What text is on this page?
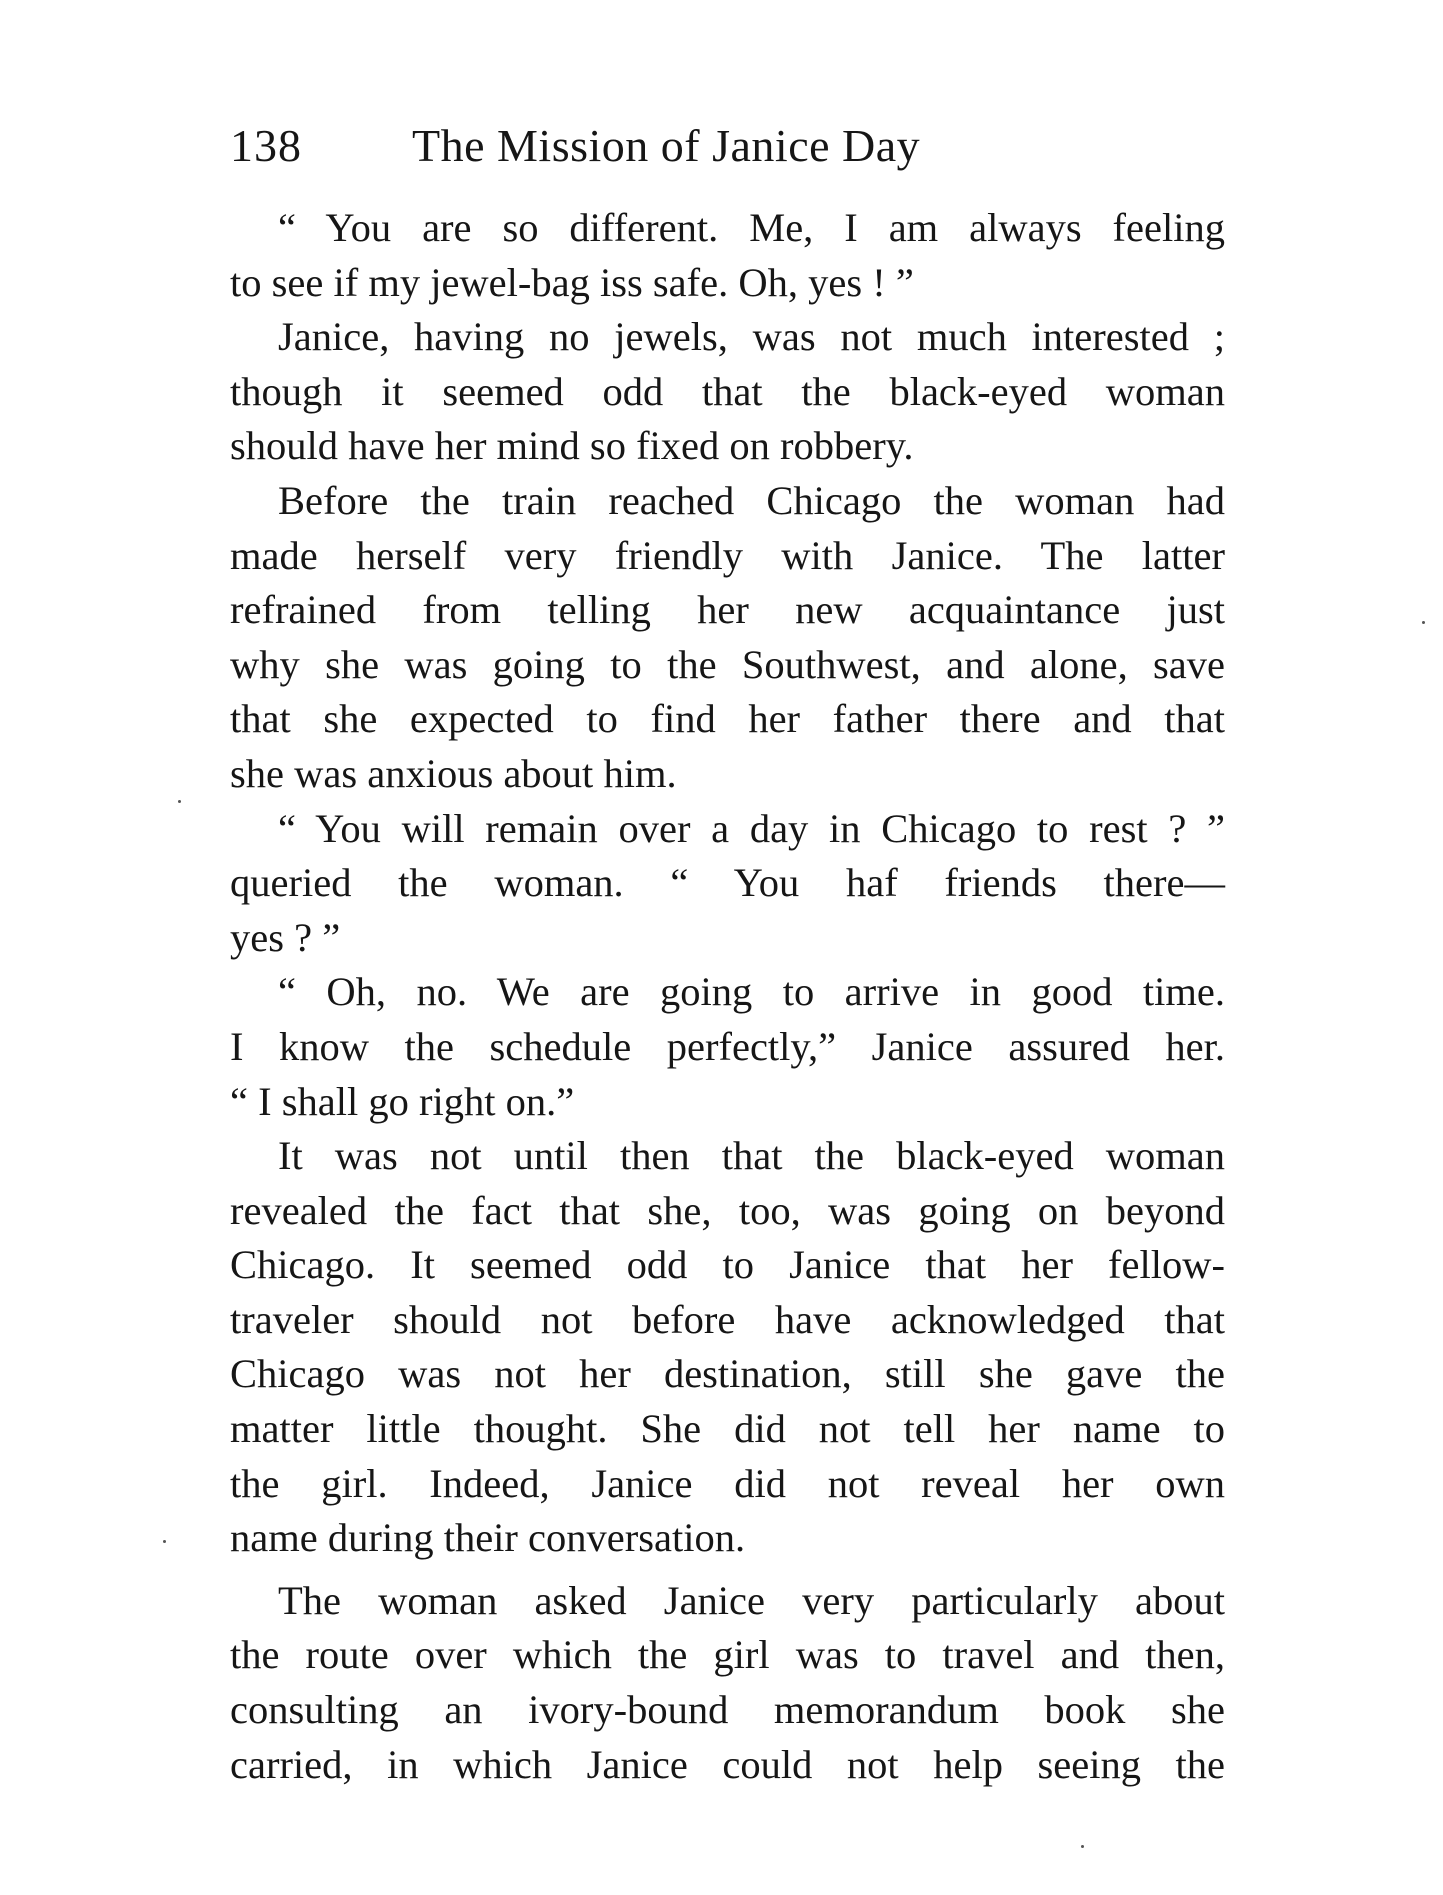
138 The Mission of Janice Day

“ You are so different. Me, I am always feeling
to see if my jewel-bag iss safe. Oh, yes ! ”

Janice, having no jewels, was not much interested ;
though it seemed odd that the black-eyed woman
should have her mind so fixed on robbery.

Before the train reached Chicago the woman had
made herself very friendly with Janice. The latter
refrained from telling her new acquaintance just
why she was going to the Southwest, and alone, save
that she expected to find her father there and that
she was anxious about him.

“ You will remain over a day in Chicago to rest ? ”
queried the woman. “ You haf friends there—
yes ? ”

“ Oh, no. We are going to arrive in good time.
I know the schedule perfectly,” Janice assured her.
“ I shall go right on.”

It was not until then that the black-eyed woman
revealed the fact that she, too, was going on beyond
Chicago. It seemed odd to Janice that her fellow-
traveler should not before have acknowledged that
Chicago was not her destination, still she gave the
matter little thought. She did not tell her name to
the girl. Indeed, Janice did not reveal her own
name during their conversation.

The woman asked Janice very particularly about
the route over which the girl was to travel and then,
consulting an ivory-bound memorandum book she
carried, in which Janice could not help seeing the
